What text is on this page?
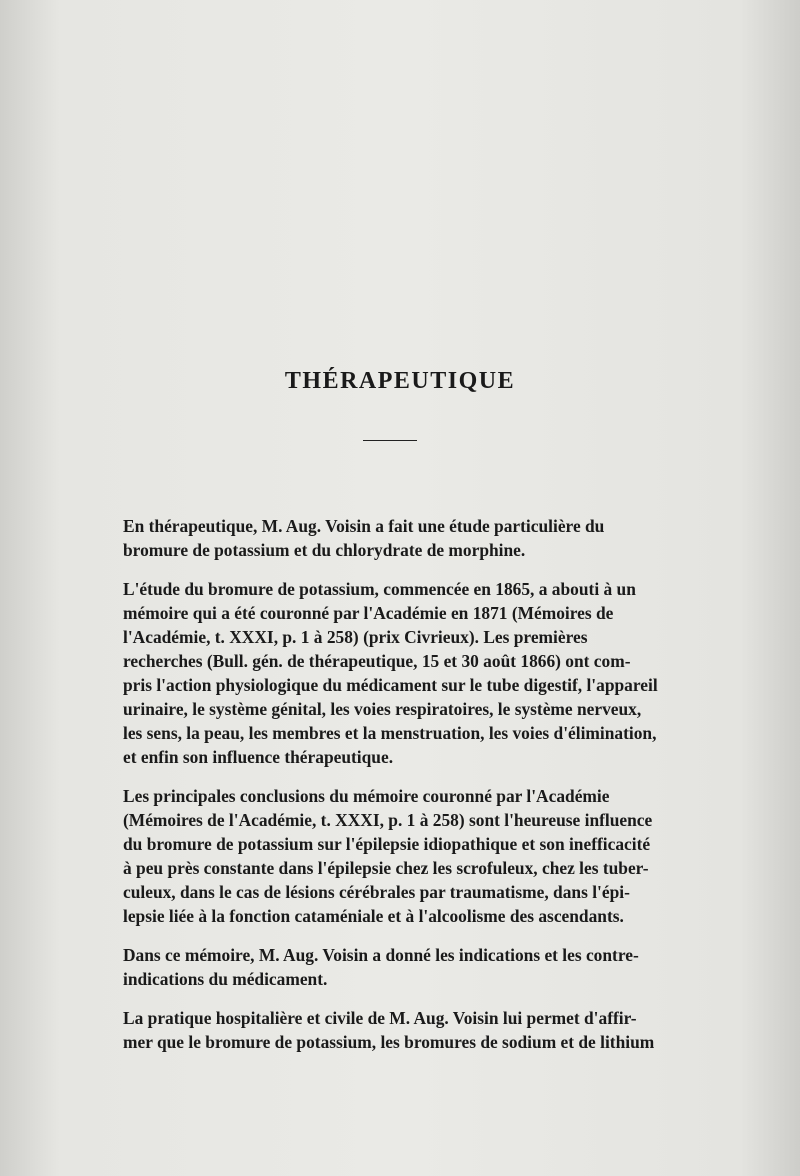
THÉRAPEUTIQUE

En thérapeutique, M. Aug. Voisin a fait une étude particulière du
bromure de potassium et du chlorydrate de morphine.

L'étude du bromure de potassium, commencée en 1865, a abouti à un
mémoire qui a été couronné par l'Académie en 1871 (Mémoires de
l'Académie, t. XXXI, p. 1 à 258) (prix Civrieux). Les premières
recherches (Bull. gén. de thérapeutique, 15 et 30 août 1866) ont com-
pris l'action physiologique du médicament sur le tube digestif, l'appareil
urinaire, le système génital, les voies respiratoires, le système nerveux,
les sens, la peau, les membres et la menstruation, les voies d'élimination,
et enfin son influence thérapeutique.

Les principales conclusions du mémoire couronné par l'Académie
(Mémoires de l'Académie, t. XXXI, p. 1 à 258) sont l'heureuse influence
du bromure de potassium sur l'épilepsie idiopathique et son inefficacité
à peu près constante dans l'épilepsie chez les scrofuleux, chez les tuber-
culeux, dans le cas de lésions cérébrales par traumatisme, dans l'épi-
lepsie liée à la fonction cataméniale et à l'alcoolisme des ascendants.

Dans ce mémoire, M. Aug. Voisin a donné les indications et les contre-
indications du médicament.

La pratique hospitalière et civile de M. Aug. Voisin lui permet d'affir-
mer que le bromure de potassium, les bromures de sodium et de lithium
